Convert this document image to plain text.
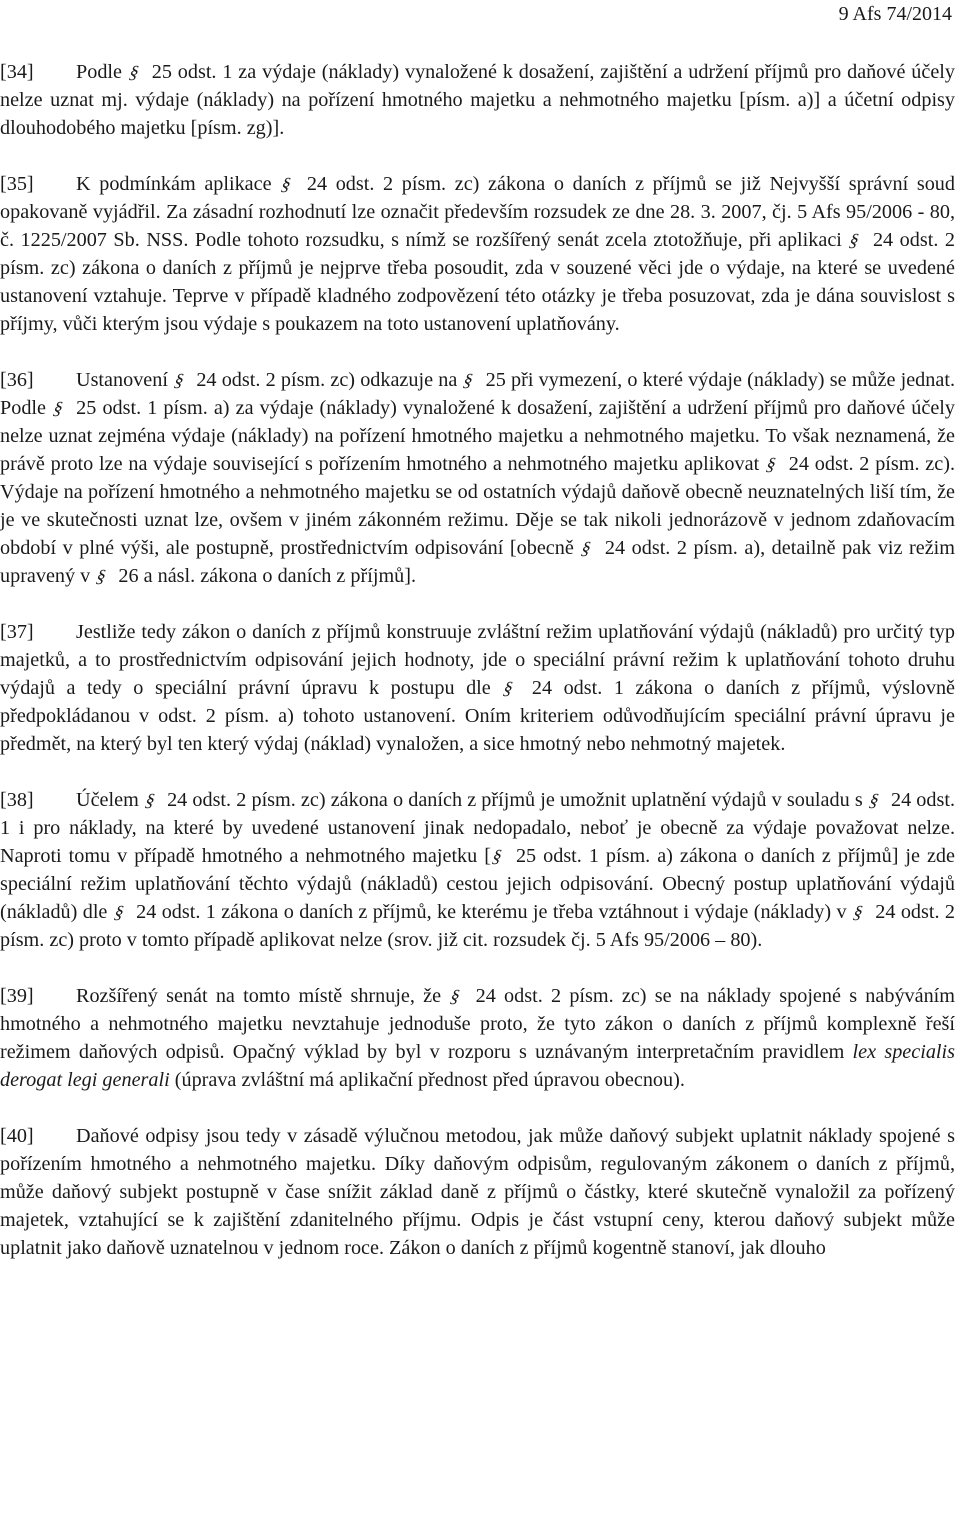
9 Afs 74/2014

[34] Podle § 25 odst. 1 za výdaje (náklady) vynaložené k dosažení, zajištění a udržení příjmů pro daňové účely nelze uznat mj. výdaje (náklady) na pořízení hmotného majetku a nehmotného majetku [písm. a)] a účetní odpisy dlouhodobého majetku [písm. zg)].

[35] K podmínkám aplikace § 24 odst. 2 písm. zc) zákona o daních z příjmů se již Nejvyšší správní soud opakovaně vyjádřil. Za zásadní rozhodnutí lze označit především rozsudek ze dne 28. 3. 2007, čj. 5 Afs 95/2006 - 80, č. 1225/2007 Sb. NSS. Podle tohoto rozsudku, s nímž se rozšířený senát zcela ztotožňuje, při aplikaci § 24 odst. 2 písm. zc) zákona o daních z příjmů je nejprve třeba posoudit, zda v souzené věci jde o výdaje, na které se uvedené ustanovení vztahuje. Teprve v případě kladného zodpovězení této otázky je třeba posuzovat, zda je dána souvislost s příjmy, vůči kterým jsou výdaje s poukazem na toto ustanovení uplatňovány.

[36] Ustanovení § 24 odst. 2 písm. zc) odkazuje na § 25 při vymezení, o které výdaje (náklady) se může jednat. Podle § 25 odst. 1 písm. a) za výdaje (náklady) vynaložené k dosažení, zajištění a udržení příjmů pro daňové účely nelze uznat zejména výdaje (náklady) na pořízení hmotného majetku a nehmotného majetku. To však neznamená, že právě proto lze na výdaje související s pořízením hmotného a nehmotného majetku aplikovat § 24 odst. 2 písm. zc). Výdaje na pořízení hmotného a nehmotného majetku se od ostatních výdajů daňově obecně neuznatelných liší tím, že je ve skutečnosti uznat lze, ovšem v jiném zákonném režimu. Děje se tak nikoli jednorázově v jednom zdaňovacím období v plné výši, ale postupně, prostřednictvím odpisování [obecně § 24 odst. 2 písm. a), detailně pak viz režim upravený v § 26 a násl. zákona o daních z příjmů].

[37] Jestliže tedy zákon o daních z příjmů konstruuje zvláštní režim uplatňování výdajů (nákladů) pro určitý typ majetků, a to prostřednictvím odpisování jejich hodnoty, jde o speciální právní režim k uplatňování tohoto druhu výdajů a tedy o speciální právní úpravu k postupu dle § 24 odst. 1 zákona o daních z příjmů, výslovně předpokládanou v odst. 2 písm. a) tohoto ustanovení. Oním kriteriem odůvodňujícím speciální právní úpravu je předmět, na který byl ten který výdaj (náklad) vynaložen, a sice hmotný nebo nehmotný majetek.

[38] Účelem § 24 odst. 2 písm. zc) zákona o daních z příjmů je umožnit uplatnění výdajů v souladu s § 24 odst. 1 i pro náklady, na které by uvedené ustanovení jinak nedopadalo, neboť je obecně za výdaje považovat nelze. Naproti tomu v případě hmotného a nehmotného majetku [§ 25 odst. 1 písm. a) zákona o daních z příjmů] je zde speciální režim uplatňování těchto výdajů (nákladů) cestou jejich odpisování. Obecný postup uplatňování výdajů (nákladů) dle § 24 odst. 1 zákona o daních z příjmů, ke kterému je třeba vztáhnout i výdaje (náklady) v § 24 odst. 2 písm. zc) proto v tomto případě aplikovat nelze (srov. již cit. rozsudek čj. 5 Afs 95/2006 – 80).

[39] Rozšířený senát na tomto místě shrnuje, že § 24 odst. 2 písm. zc) se na náklady spojené s nabýváním hmotného a nehmotného majetku nevztahuje jednoduše proto, že tyto zákon o daních z příjmů komplexně řeší režimem daňových odpisů. Opačný výklad by byl v rozporu s uznávaným interpretačním pravidlem lex specialis derogat legi generali (úprava zvláštní má aplikační přednost před úpravou obecnou).

[40] Daňové odpisy jsou tedy v zásadě výlučnou metodou, jak může daňový subjekt uplatnit náklady spojené s pořízením hmotného a nehmotného majetku. Díky daňovým odpisům, regulovaným zákonem o daních z příjmů, může daňový subjekt postupně v čase snížit základ daně z příjmů o částky, které skutečně vynaložil za pořízený majetek, vztahující se k zajištění zdanitelného příjmu. Odpis je část vstupní ceny, kterou daňový subjekt může uplatnit jako daňově uznatelnou v jednom roce. Zákon o daních z příjmů kogentně stanoví, jak dlouho
